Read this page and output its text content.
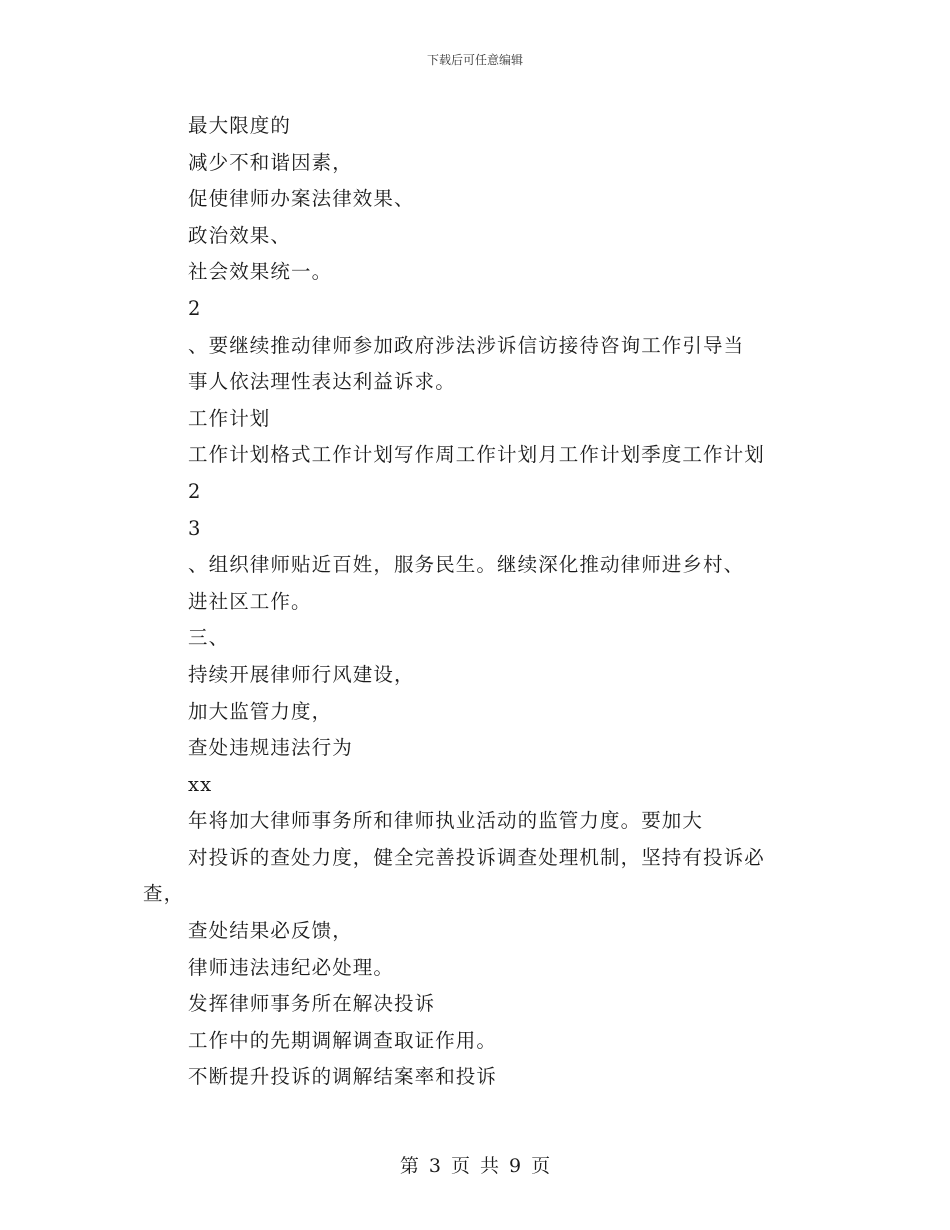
下载后可任意编辑
最大限度的
减少不和谐因素，
促使律师办案法律效果、
政治效果、
社会效果统一。
2
、要继续推动律师参加政府涉法涉诉信访接待咨询工作引导当
事人依法理性表达利益诉求。
工作计划
工作计划格式工作计划写作周工作计划月工作计划季度工作计划
2
3
、组织律师贴近百姓，服务民生。继续深化推动律师进乡村、
进社区工作。
三、
持续开展律师行风建设，
加大监管力度，
查处违规违法行为
xx
年将加大律师事务所和律师执业活动的监管力度。要加大
对投诉的查处力度，健全完善投诉调查处理机制，坚持有投诉必
查，
查处结果必反馈，
律师违法违纪必处理。
发挥律师事务所在解决投诉
工作中的先期调解调查取证作用。
不断提升投诉的调解结案率和投诉
第 3 页 共 9 页
